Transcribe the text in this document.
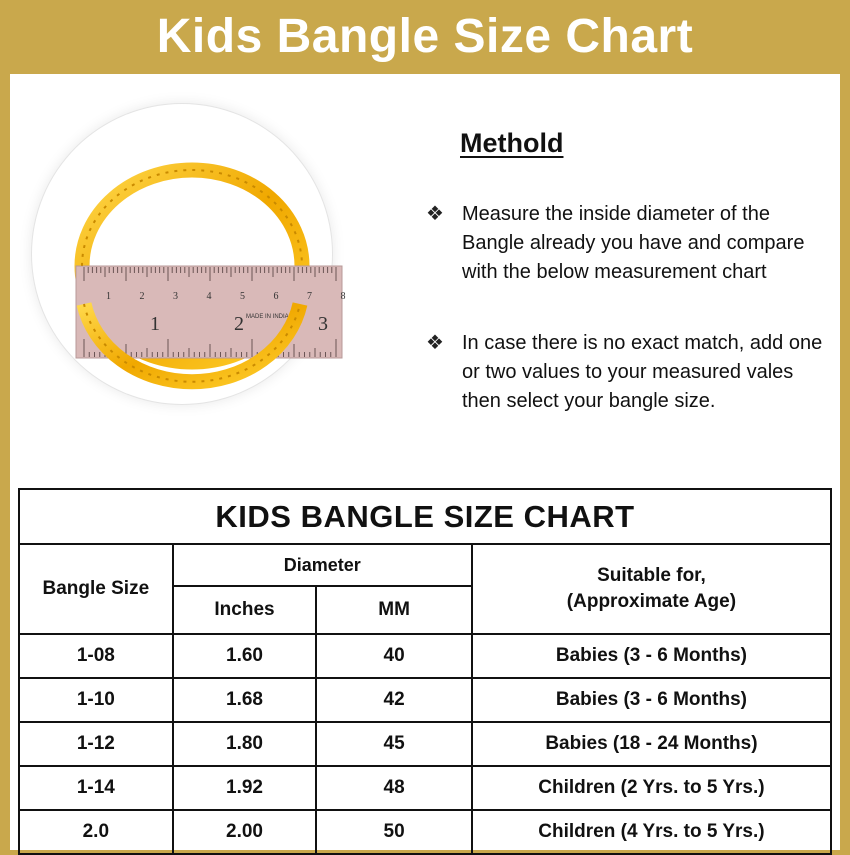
Kids Bangle Size Chart
1	2	3	4	5	6	7	8
1	2	3
MADE IN INDIA
Methold
❖ Measure the inside diameter of the Bangle already you have and compare with the below measurement chart
❖ In case there is no exact match, add one or two values to your measured vales then select your bangle size.
KIDS BANGLE SIZE CHART			
Bangle Size	Diameter		Suitable for,
(Approximate Age)

	Inches	MM	
1-08	1.60	40	Babies (3 - 6 Months)
1-10	1.68	42	Babies (3 - 6 Months)
1-12	1.80	45	Babies (18 - 24 Months)
1-14	1.92	48	Children (2 Yrs. to 5 Yrs.)
2.0	2.00	50	Children (4 Yrs. to 5 Yrs.)
